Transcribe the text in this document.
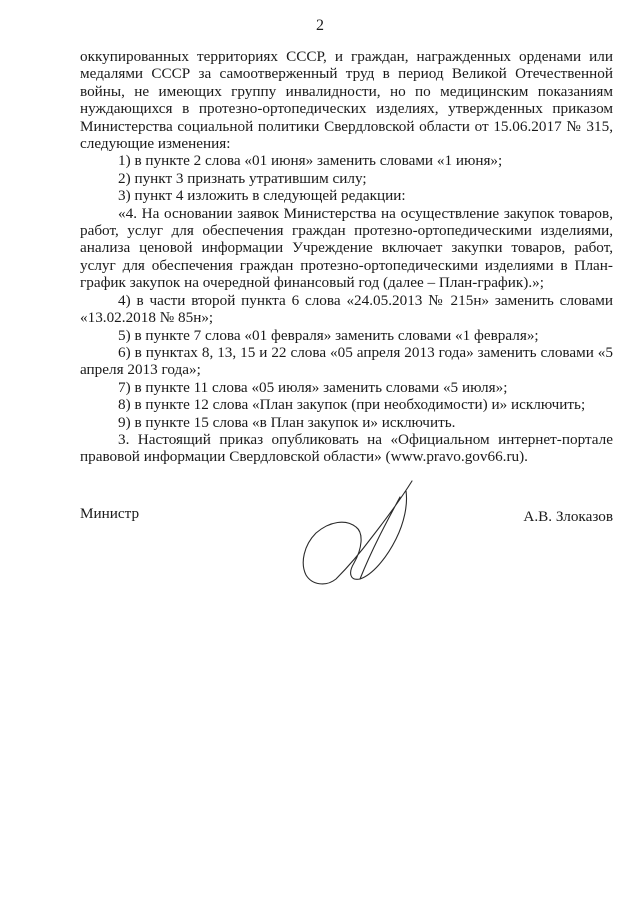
2

оккупированных территориях СССР, и граждан, награжденных орденами или медалями СССР за самоотверженный труд в период Великой Отечественной войны, не имеющих группу инвалидности, но по медицинским показаниям нуждающихся в протезно-ортопедических изделиях, утвержденных приказом Министерства социальной политики Свердловской области от 15.06.2017 № 315, следующие изменения:

1) в пункте 2 слова «01 июня» заменить словами «1 июня»;

2) пункт 3 признать утратившим силу;

3) пункт 4 изложить в следующей редакции:

«4. На основании заявок Министерства на осуществление закупок товаров, работ, услуг для обеспечения граждан протезно-ортопедическими изделиями, анализа ценовой информации Учреждение включает закупки товаров, работ, услуг для обеспечения граждан протезно-ортопедическими изделиями в План-график закупок на очередной финансовый год (далее – План-график).»;

4) в части второй пункта 6 слова «24.05.2013 № 215н» заменить словами «13.02.2018 № 85н»;

5) в пункте 7 слова «01 февраля» заменить словами «1 февраля»;

6) в пунктах 8, 13, 15 и 22 слова «05 апреля 2013 года» заменить словами «5 апреля 2013 года»;

7) в пункте 11 слова «05 июля» заменить словами «5 июля»;

8) в пункте 12 слова «План закупок (при необходимости) и» исключить;

9) в пункте 15 слова «в План закупок и» исключить.

3. Настоящий приказ опубликовать на «Официальном интернет-портале правовой информации Свердловской области» (www.pravo.gov66.ru).

Министр	А.В. Злоказов
